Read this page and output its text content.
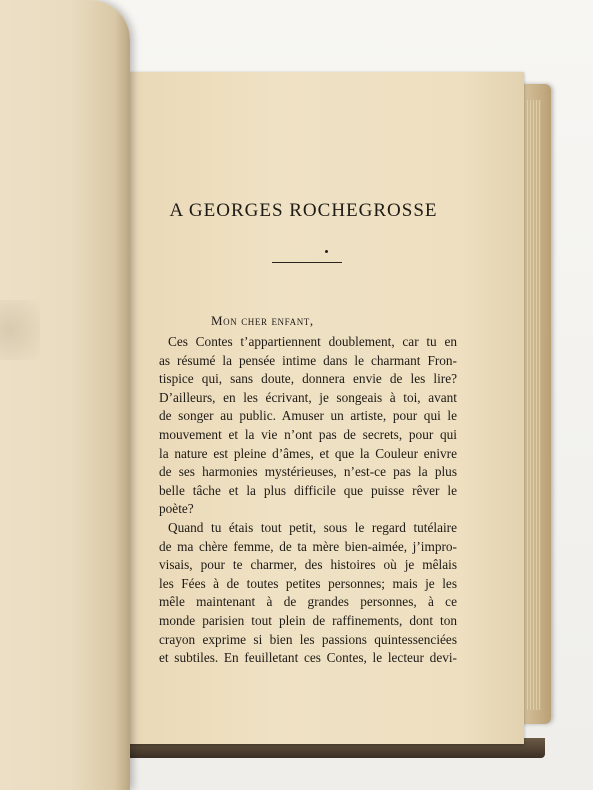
A GEORGES ROCHEGROSSE
Mon cher enfant,
Ces Contes t’appartiennent doublement, car tu en
as résumé la pensée intime dans le charmant Fron-
tispice qui, sans doute, donnera envie de les lire?
D’ailleurs, en les écrivant, je songeais à toi, avant
de songer au public. Amuser un artiste, pour qui le
mouvement et la vie n’ont pas de secrets, pour qui
la nature est pleine d’âmes, et que la Couleur enivre
de ses harmonies mystérieuses, n’est-ce pas la plus
belle tâche et la plus difficile que puisse rêver le
poète?
Quand tu étais tout petit, sous le regard tutélaire
de ma chère femme, de ta mère bien-aimée, j’impro-
visais, pour te charmer, des histoires où je mêlais
les Fées à de toutes petites personnes; mais je les
mêle maintenant à de grandes personnes, à ce
monde parisien tout plein de raffinements, dont ton
crayon exprime si bien les passions quintessenciées
et subtiles. En feuilletant ces Contes, le lecteur devi-
